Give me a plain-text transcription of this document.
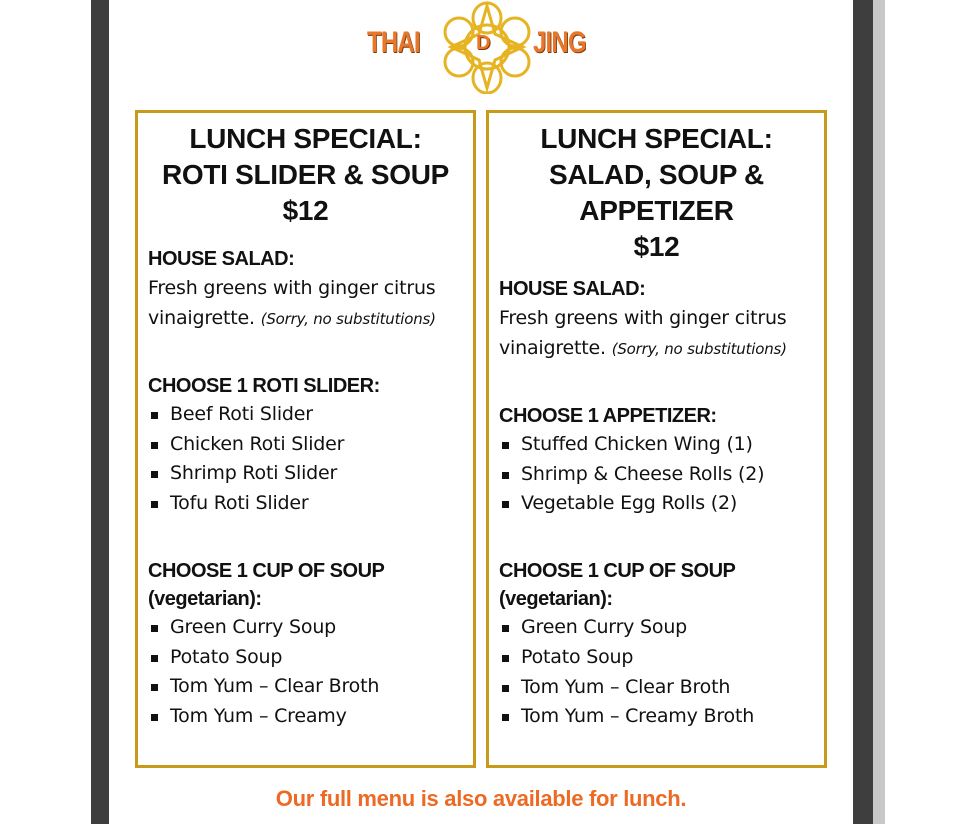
THAI	D JING
LUNCH SPECIAL:
ROTI SLIDER & SOUP
$12
HOUSE SALAD:
Fresh greens with ginger citrus vinaigrette. (Sorry, no substitutions)
CHOOSE 1 ROTI SLIDER:
Beef Roti Slider
Chicken Roti Slider
Shrimp Roti Slider
Tofu Roti Slider
CHOOSE 1 CUP OF SOUP
(vegetarian):
Green Curry Soup
Potato Soup
Tom Yum – Clear Broth
Tom Yum – Creamy
LUNCH SPECIAL:
SALAD, SOUP &
APPETIZER
$12
HOUSE SALAD:
Fresh greens with ginger citrus vinaigrette. (Sorry, no substitutions)
CHOOSE 1 APPETIZER:
Stuffed Chicken Wing (1)
Shrimp & Cheese Rolls (2)
Vegetable Egg Rolls (2)
CHOOSE 1 CUP OF SOUP
(vegetarian):
Green Curry Soup
Potato Soup
Tom Yum – Clear Broth
Tom Yum – Creamy Broth
Our full menu is also available for lunch.
